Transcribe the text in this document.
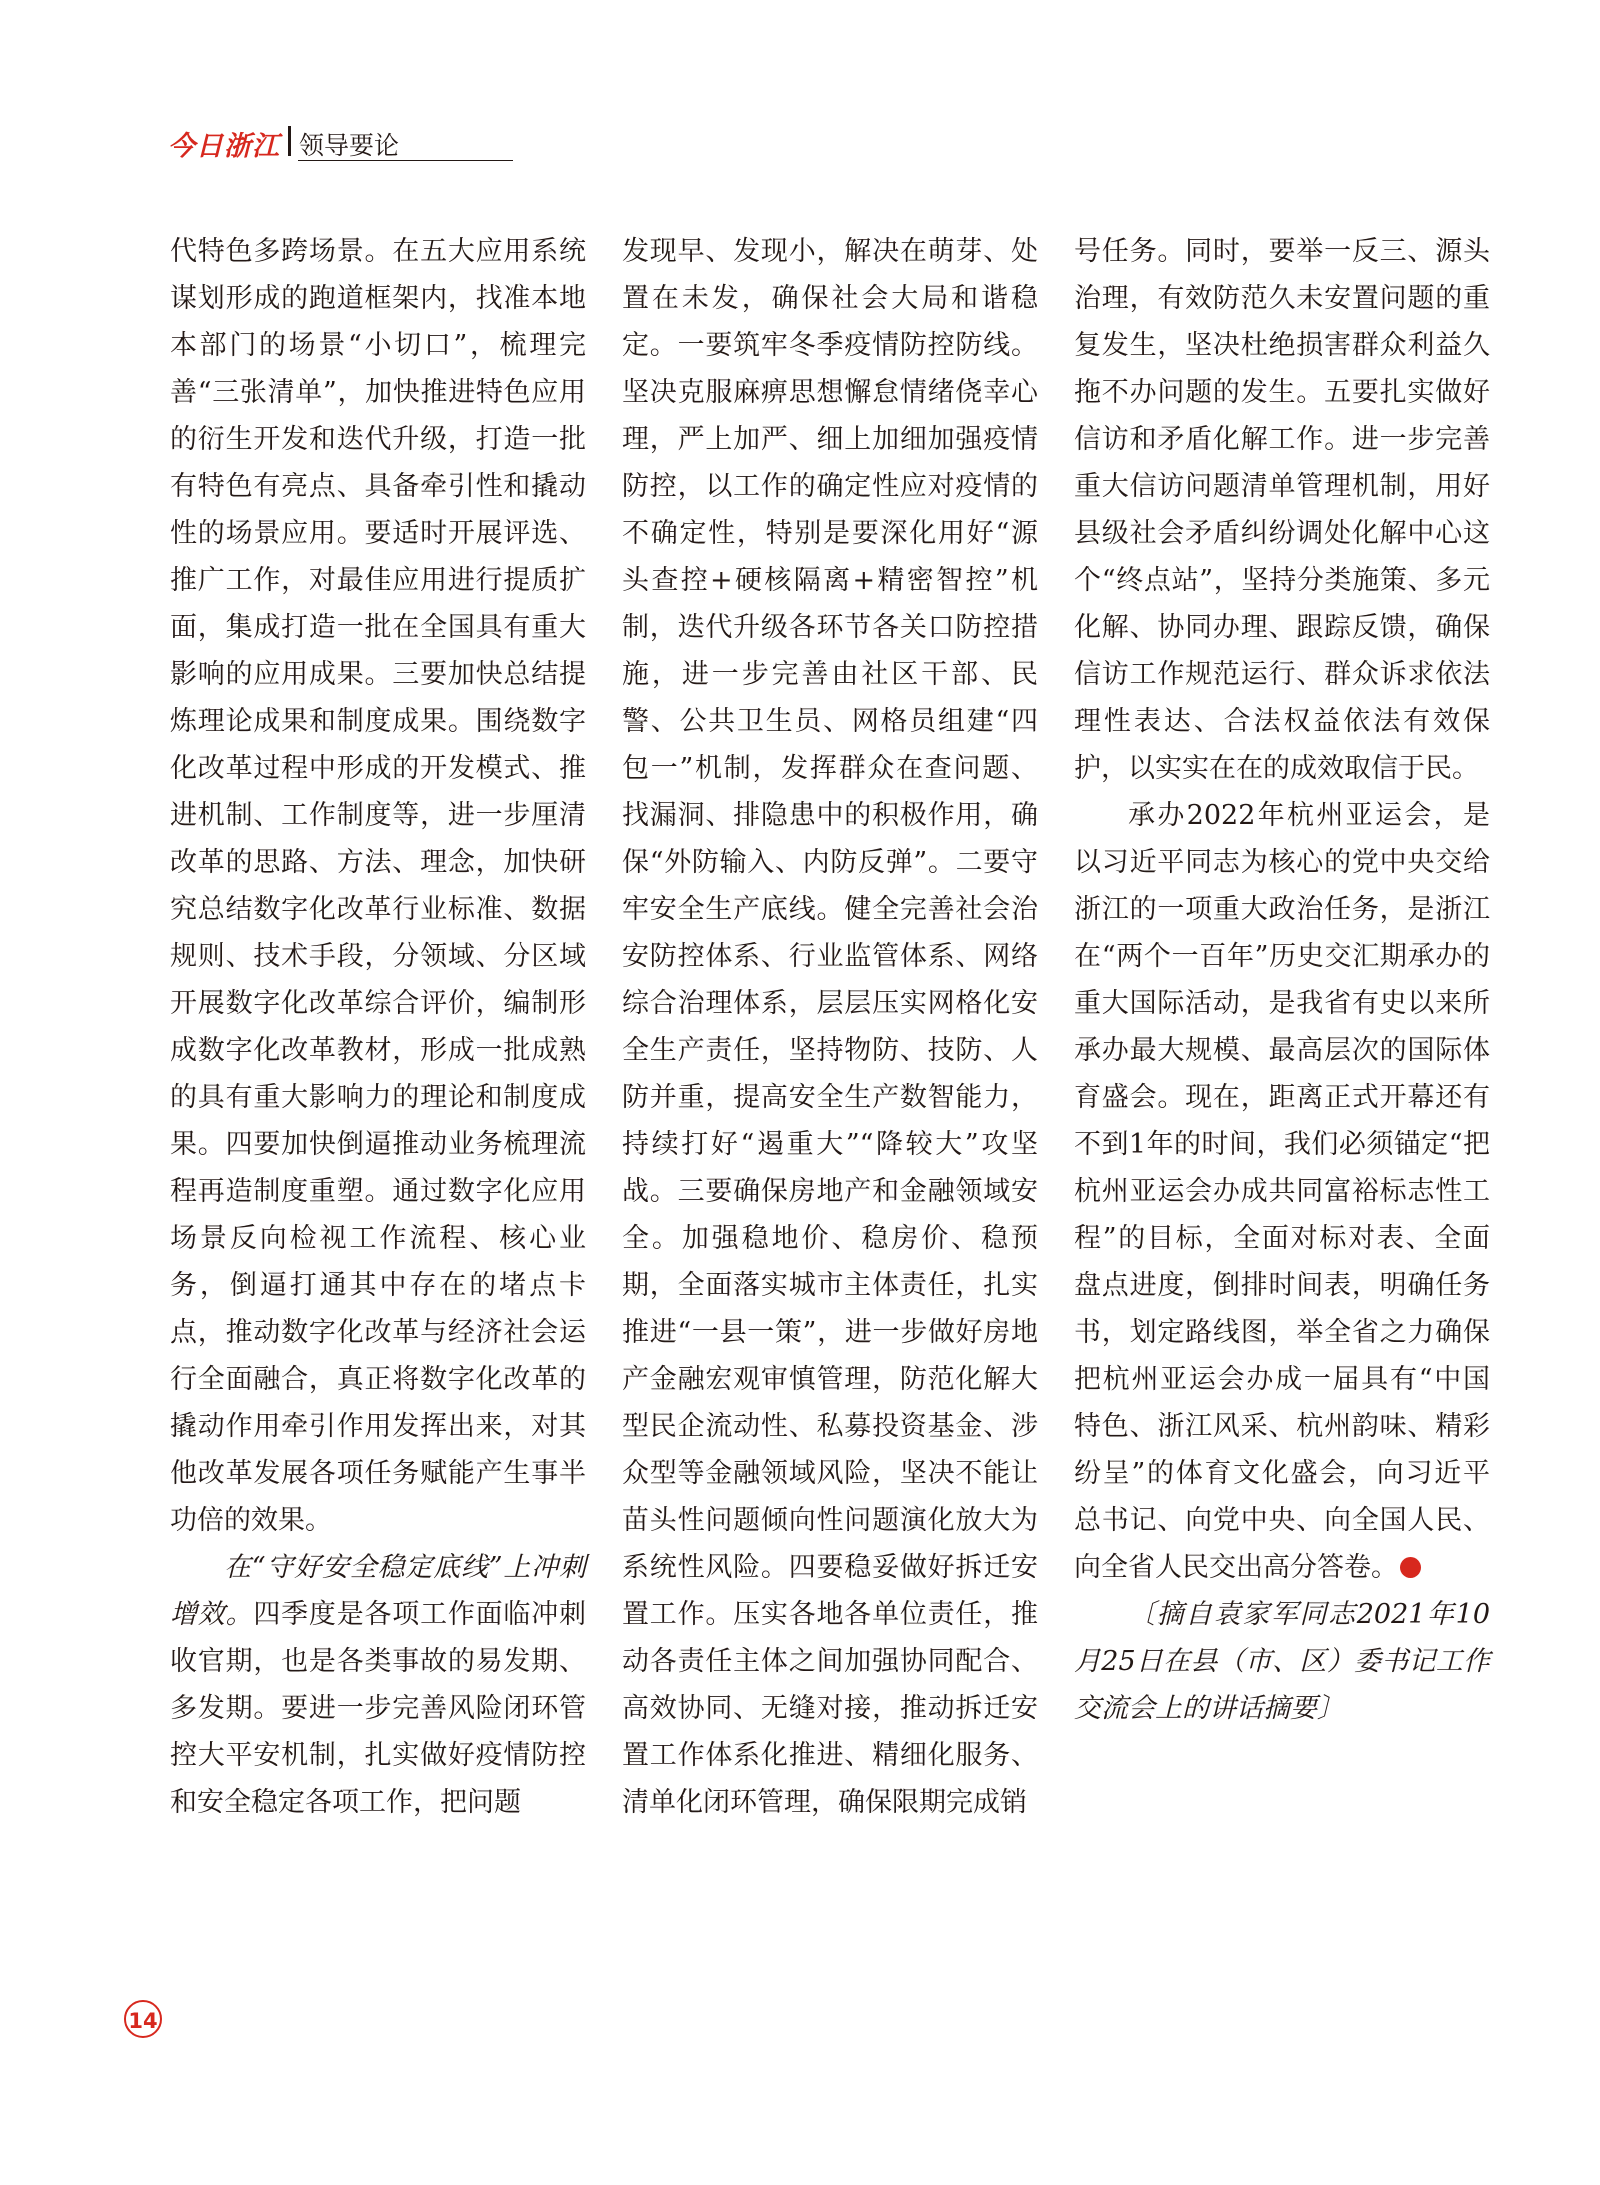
今日浙江 领导要论

代特色多跨场景。在五大应用系统谋划形成的跑道框架内，找准本地本部门的场景“小切口”，梳理完善“三张清单”，加快推进特色应用的衍生开发和迭代升级，打造一批有特色有亮点、具备牵引性和撬动性的场景应用。要适时开展评选、推广工作，对最佳应用进行提质扩面，集成打造一批在全国具有重大影响的应用成果。三要加快总结提炼理论成果和制度成果。围绕数字化改革过程中形成的开发模式、推进机制、工作制度等，进一步厘清改革的思路、方法、理念，加快研究总结数字化改革行业标准、数据规则、技术手段，分领域、分区域开展数字化改革综合评价，编制形成数字化改革教材，形成一批成熟的具有重大影响力的理论和制度成果。四要加快倒逼推动业务梳理流程再造制度重塑。通过数字化应用场景反向检视工作流程、核心业务，倒逼打通其中存在的堵点卡点，推动数字化改革与经济社会运行全面融合，真正将数字化改革的撬动作用牵引作用发挥出来，对其他改革发展各项任务赋能产生事半功倍的效果。

在“守好安全稳定底线”上冲刺增效。四季度是各项工作面临冲刺收官期，也是各类事故的易发期、多发期。要进一步完善风险闭环管控大平安机制，扎实做好疫情防控和安全稳定各项工作，把问题

发现早、发现小，解决在萌芽、处置在未发，确保社会大局和谐稳定。一要筑牢冬季疫情防控防线。坚决克服麻痹思想懈怠情绪侥幸心理，严上加严、细上加细加强疫情防控，以工作的确定性应对疫情的不确定性，特别是要深化用好“源头查控+硬核隔离+精密智控”机制，迭代升级各环节各关口防控措施，进一步完善由社区干部、民警、公共卫生员、网格员组建“四包一”机制，发挥群众在查问题、找漏洞、排隐患中的积极作用，确保“外防输入、内防反弹”。二要守牢安全生产底线。健全完善社会治安防控体系、行业监管体系、网络综合治理体系，层层压实网格化安全生产责任，坚持物防、技防、人防并重，提高安全生产数智能力，持续打好“遏重大”“降较大”攻坚战。三要确保房地产和金融领域安全。加强稳地价、稳房价、稳预期，全面落实城市主体责任，扎实推进“一县一策”，进一步做好房地产金融宏观审慎管理，防范化解大型民企流动性、私募投资基金、涉众型等金融领域风险，坚决不能让苗头性问题倾向性问题演化放大为系统性风险。四要稳妥做好拆迁安置工作。压实各地各单位责任，推动各责任主体之间加强协同配合、高效协同、无缝对接，推动拆迁安置工作体系化推进、精细化服务、清单化闭环管理，确保限期完成销

号任务。同时，要举一反三、源头治理，有效防范久未安置问题的重复发生，坚决杜绝损害群众利益久拖不办问题的发生。五要扎实做好信访和矛盾化解工作。进一步完善重大信访问题清单管理机制，用好县级社会矛盾纠纷调处化解中心这个“终点站”，坚持分类施策、多元化解、协同办理、跟踪反馈，确保信访工作规范运行、群众诉求依法理性表达、合法权益依法有效保护，以实实在在的成效取信于民。

承办2022年杭州亚运会，是以习近平同志为核心的党中央交给浙江的一项重大政治任务，是浙江在“两个一百年”历史交汇期承办的重大国际活动，是我省有史以来所承办最大规模、最高层次的国际体育盛会。现在，距离正式开幕还有不到1年的时间，我们必须锚定“把杭州亚运会办成共同富裕标志性工程”的目标，全面对标对表、全面盘点进度，倒排时间表，明确任务书，划定路线图，举全省之力确保把杭州亚运会办成一届具有“中国特色、浙江风采、杭州韵味、精彩纷呈”的体育文化盛会，向习近平总书记、向党中央、向全国人民、向全省人民交出高分答卷。

〔摘自袁家军同志2021年10月25日在县（市、区）委书记工作交流会上的讲话摘要〕

14
